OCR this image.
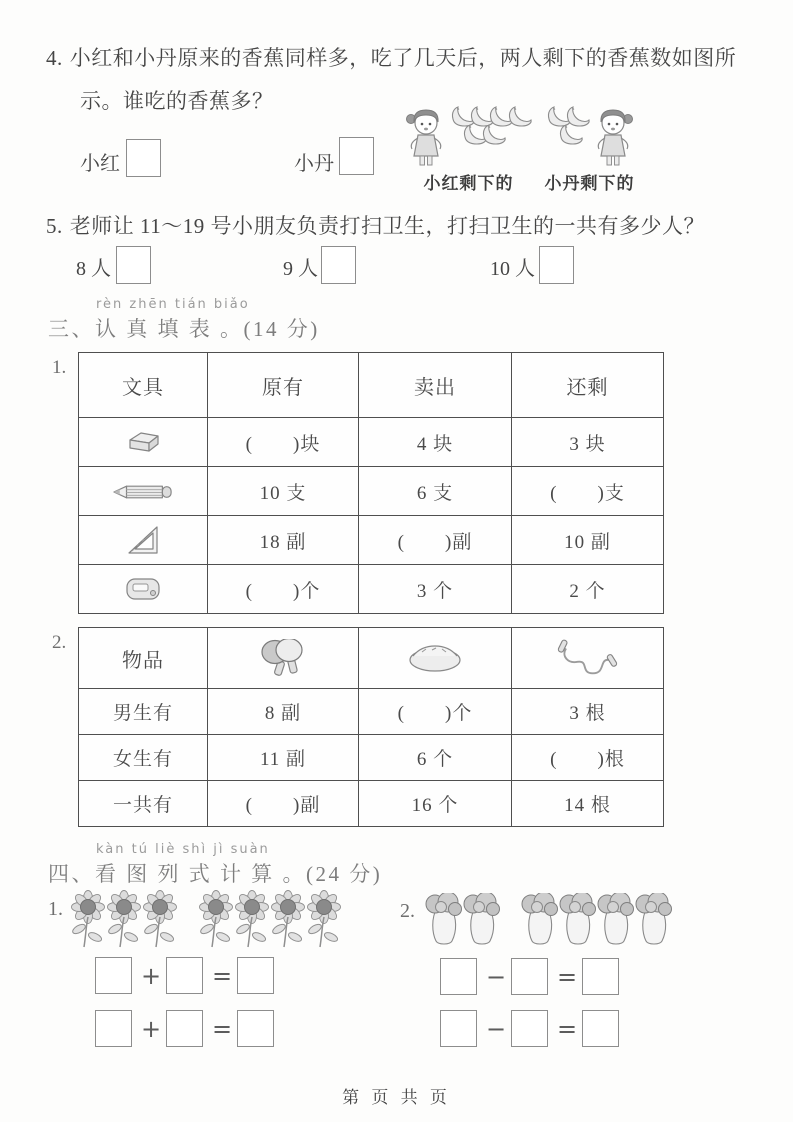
4. 小红和小丹原来的香蕉同样多，吃了几天后，两人剩下的香蕉数如图所
示。谁吃的香蕉多？
小红	小丹
小红剩下的 小丹剩下的
5. 老师让 11～19 号小朋友负责打扫卫生，打扫卫生的一共有多少人？
8 人	9 人	10 人
rèn zhēn tián biǎo
三、认 真 填 表 。(14 分)
1.
文具	原有	卖出	还剩
	(　　)块	4 块	3 块
	10 支	6 支	(　　)支
	18 副	(　　)副	10 副
	(　　)个	3 个	2 个
2.
物品			
男生有	8 副	(　　)个	3 根
女生有	11 副	6 个	(　　)根
一共有	(　　)副	16 个	14 根
kàn tú liè shì jì suàn
四、看 图 列 式 计 算 。(24 分)
1.	2.
+ =
+ =
− =
− =
第 页 共 页
